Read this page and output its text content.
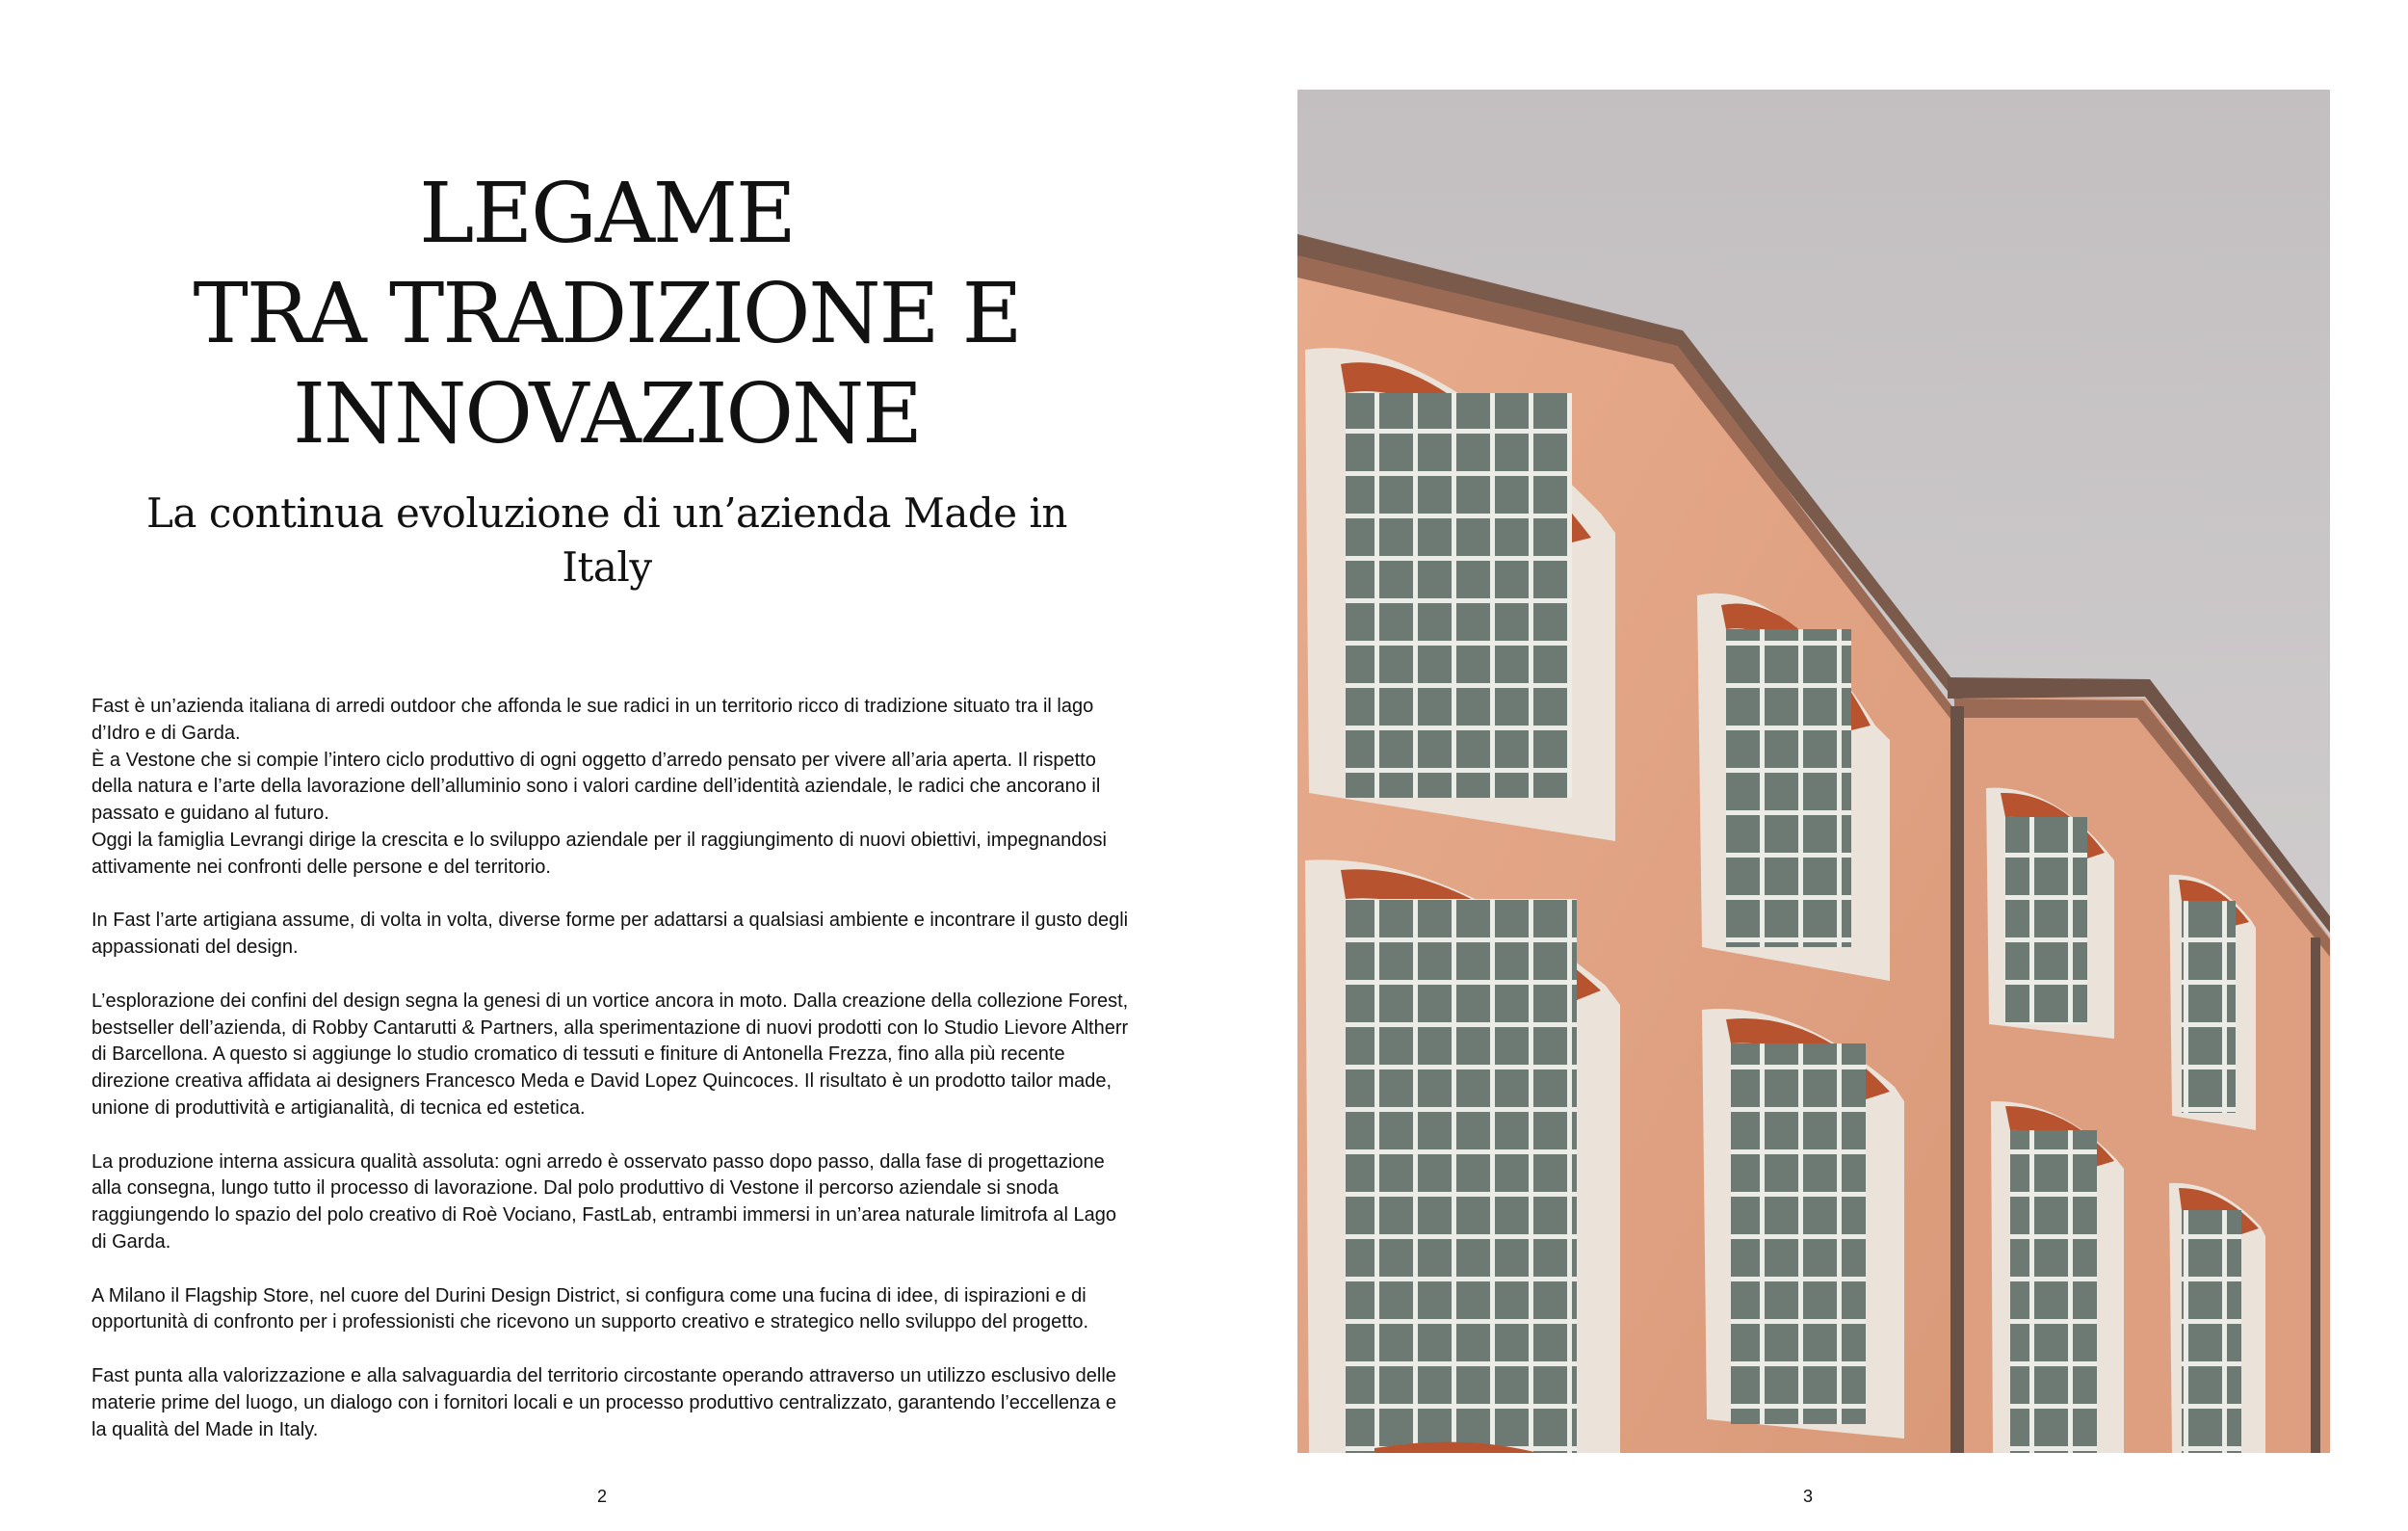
LEGAME
TRA TRADIZIONE E
INNOVAZIONE
La continua evoluzione di un’azienda Made in Italy

Fast è un’azienda italiana di arredi outdoor che affonda le sue radici in un territorio ricco di tradizione situato tra il lago d’Idro e di Garda.

È a Vestone che si compie l’intero ciclo produttivo di ogni oggetto d’arredo pensato per vivere all’aria aperta. Il rispetto della natura e l’arte della lavorazione dell’alluminio sono i valori cardine dell’identità aziendale, le radici che ancorano il passato e guidano al futuro.

Oggi la famiglia Levrangi dirige la crescita e lo sviluppo aziendale per il raggiungimento di nuovi obiettivi, impegnandosi attivamente nei confronti delle persone e del territorio.

In Fast l’arte artigiana assume, di volta in volta, diverse forme per adattarsi a qualsiasi ambiente e incontrare il gusto degli appassionati del design.

L’esplorazione dei confini del design segna la genesi di un vortice ancora in moto. Dalla creazione della collezione Forest, bestseller dell’azienda, di Robby Cantarutti & Partners, alla sperimentazione di nuovi prodotti con lo Studio Lievore Altherr di Barcellona. A questo si aggiunge lo studio cromatico di tessuti e finiture di Antonella Frezza, fino alla più recente direzione creativa affidata ai designers Francesco Meda e David Lopez Quincoces. Il risultato è un prodotto tailor made, unione di produttività e artigianalità, di tecnica ed estetica.

La produzione interna assicura qualità assoluta: ogni arredo è osservato passo dopo passo, dalla fase di progettazione alla consegna, lungo tutto il processo di lavorazione. Dal polo produttivo di Vestone il percorso aziendale si snoda raggiungendo lo spazio del polo creativo di Roè Vociano, FastLab, entrambi immersi in un’area naturale limitrofa al Lago di Garda.

A Milano il Flagship Store, nel cuore del Durini Design District, si configura come una fucina di idee, di ispirazioni e di opportunità di confronto per i professionisti che ricevono un supporto creativo e strategico nello sviluppo del progetto.

Fast punta alla valorizzazione e alla salvaguardia del territorio circostante operando attraverso un utilizzo esclusivo delle materie prime del luogo, un dialogo con i fornitori locali e un processo produttivo centralizzato, garantendo l’eccellenza e la qualità del Made in Italy.

2	3
